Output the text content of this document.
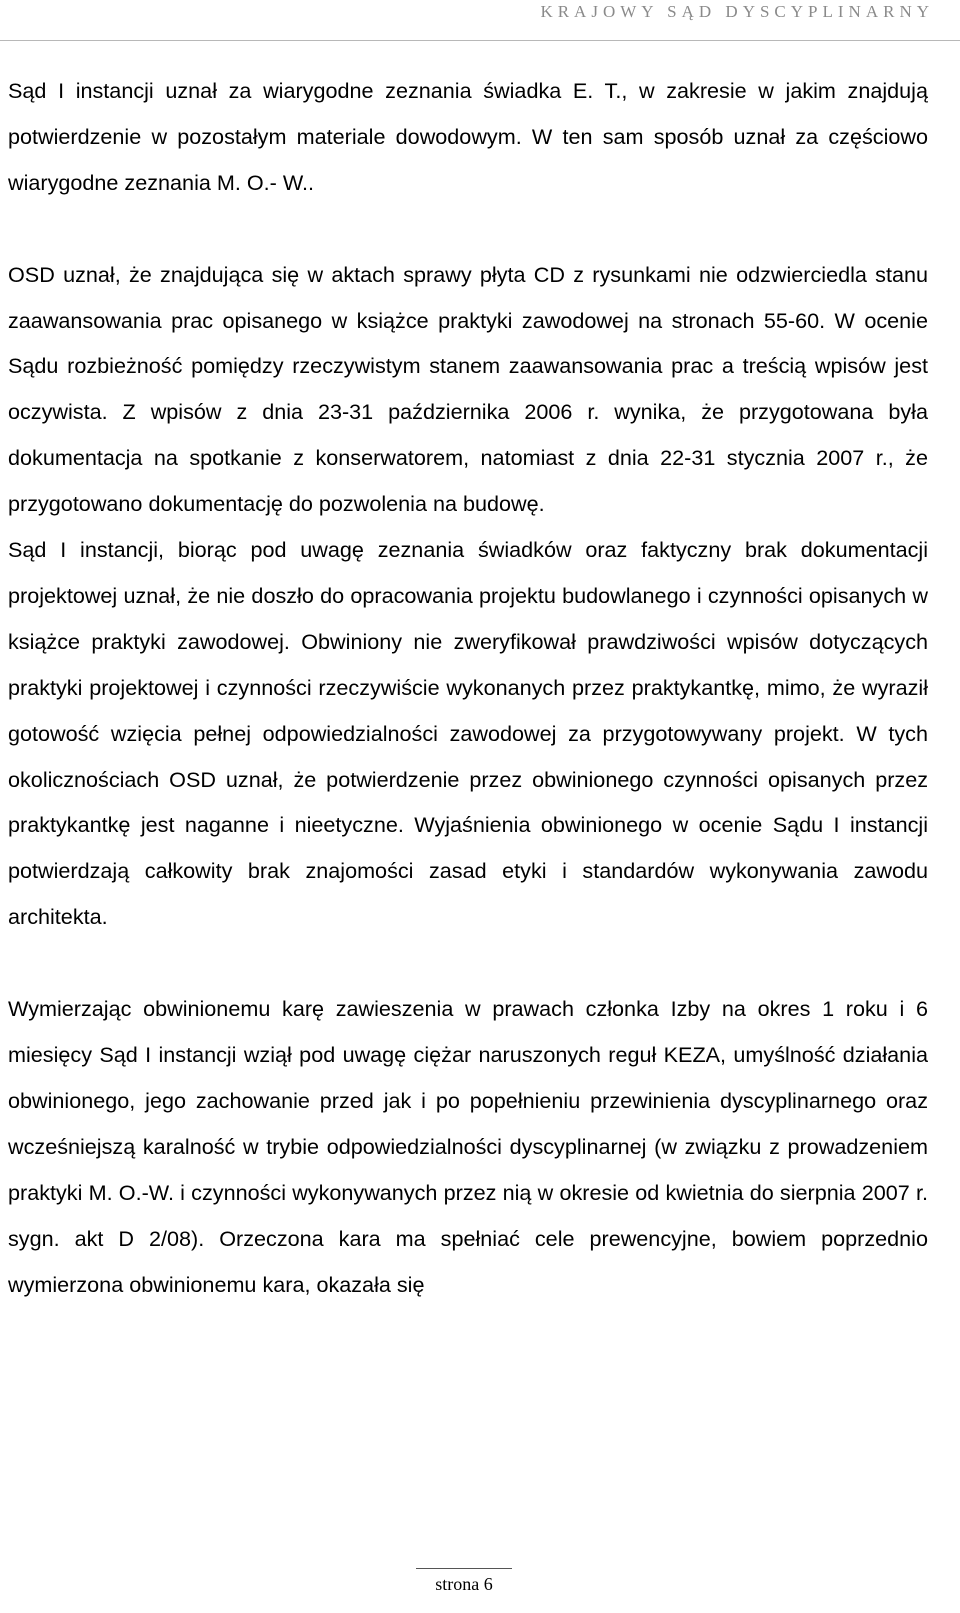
KRAJOWY SĄD DYSCYPLINARNY

Sąd I instancji uznał za wiarygodne zeznania świadka E. T., w zakresie w jakim znajdują potwierdzenie w pozostałym materiale dowodowym. W ten sam sposób uznał za częściowo wiarygodne zeznania M. O.- W..

OSD uznał, że znajdująca się w aktach sprawy płyta CD z rysunkami nie odzwierciedla stanu zaawansowania prac opisanego w książce praktyki zawodowej na stronach 55-60. W ocenie Sądu rozbieżność pomiędzy rzeczywistym stanem zaawansowania prac a treścią wpisów jest oczywista. Z wpisów z dnia 23-31 października 2006 r. wynika, że przygotowana była dokumentacja na spotkanie z konserwatorem, natomiast z dnia 22-31 stycznia 2007 r., że przygotowano dokumentację do pozwolenia na budowę.

Sąd I instancji, biorąc pod uwagę zeznania świadków oraz faktyczny brak dokumentacji projektowej uznał, że nie doszło do opracowania projektu budowlanego i czynności opisanych w książce praktyki zawodowej. Obwiniony nie zweryfikował prawdziwości wpisów dotyczących praktyki projektowej i czynności rzeczywiście wykonanych przez praktykantkę, mimo, że wyraził gotowość wzięcia pełnej odpowiedzialności zawodowej za przygotowywany projekt. W tych okolicznościach OSD uznał, że potwierdzenie przez obwinionego czynności opisanych przez praktykantkę jest naganne i nieetyczne. Wyjaśnienia obwinionego w ocenie Sądu I instancji potwierdzają całkowity brak znajomości zasad etyki i standardów wykonywania zawodu architekta.

Wymierzając obwinionemu karę zawieszenia w prawach członka Izby na okres 1 roku i 6 miesięcy Sąd I instancji wziął pod uwagę ciężar naruszonych reguł KEZA, umyślność działania obwinionego, jego zachowanie przed jak i po popełnieniu przewinienia dyscyplinarnego oraz wcześniejszą karalność w trybie odpowiedzialności dyscyplinarnej (w związku z prowadzeniem praktyki M. O.-W. i czynności wykonywanych przez nią w okresie od kwietnia do sierpnia 2007 r. sygn. akt D 2/08). Orzeczona kara ma spełniać cele prewencyjne, bowiem poprzednio wymierzona obwinionemu kara, okazała się

strona 6
